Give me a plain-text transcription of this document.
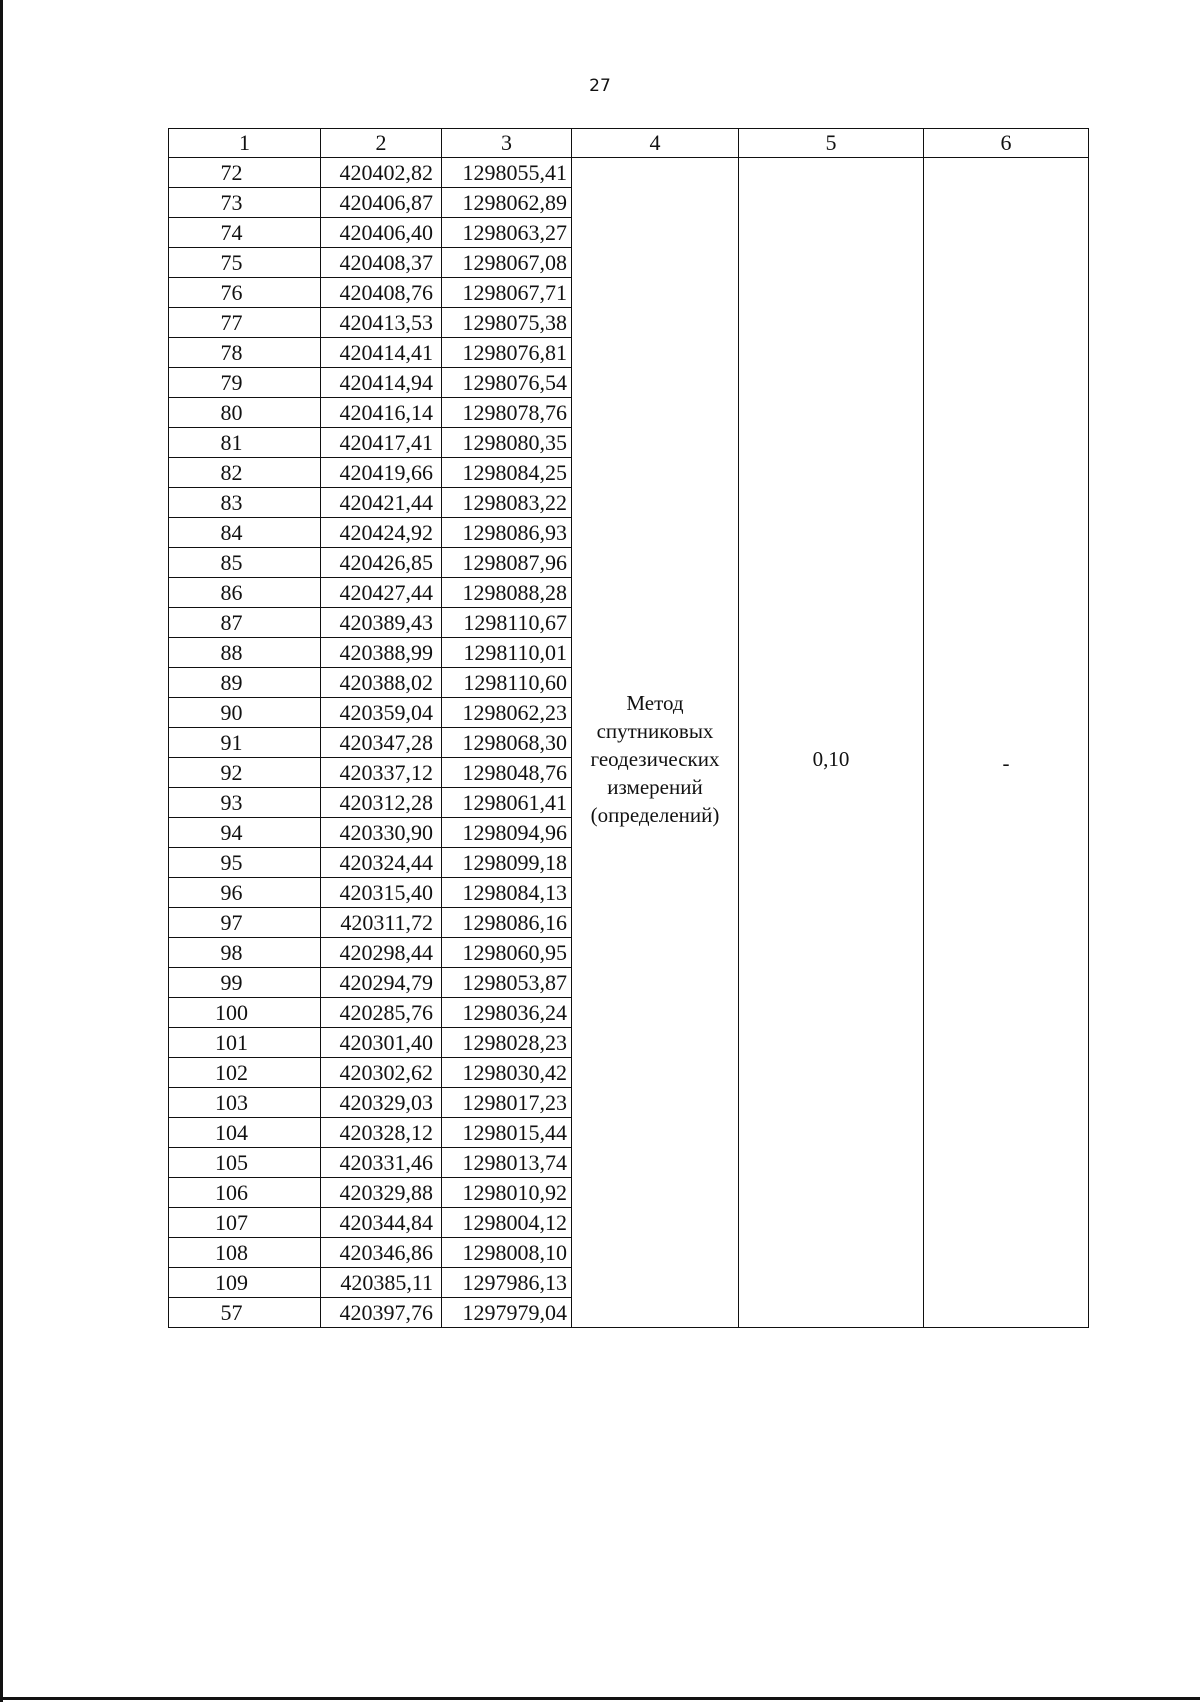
27
1	2	3	4	5	6
72	420402,82	1298055,41	Метод
спутниковых
геодезических
измерений
(определений)	0,10	-
73	420406,87	1298062,89			
74	420406,40	1298063,27			
75	420408,37	1298067,08			
76	420408,76	1298067,71			
77	420413,53	1298075,38			
78	420414,41	1298076,81			
79	420414,94	1298076,54			
80	420416,14	1298078,76			
81	420417,41	1298080,35			
82	420419,66	1298084,25			
83	420421,44	1298083,22			
84	420424,92	1298086,93			
85	420426,85	1298087,96			
86	420427,44	1298088,28			
87	420389,43	1298110,67			
88	420388,99	1298110,01			
89	420388,02	1298110,60			
90	420359,04	1298062,23			
91	420347,28	1298068,30			
92	420337,12	1298048,76			
93	420312,28	1298061,41			
94	420330,90	1298094,96			
95	420324,44	1298099,18			
96	420315,40	1298084,13			
97	420311,72	1298086,16			
98	420298,44	1298060,95			
99	420294,79	1298053,87			
100	420285,76	1298036,24			
101	420301,40	1298028,23			
102	420302,62	1298030,42			
103	420329,03	1298017,23			
104	420328,12	1298015,44			
105	420331,46	1298013,74			
106	420329,88	1298010,92			
107	420344,84	1298004,12			
108	420346,86	1298008,10			
109	420385,11	1297986,13			
57	420397,76	1297979,04			
